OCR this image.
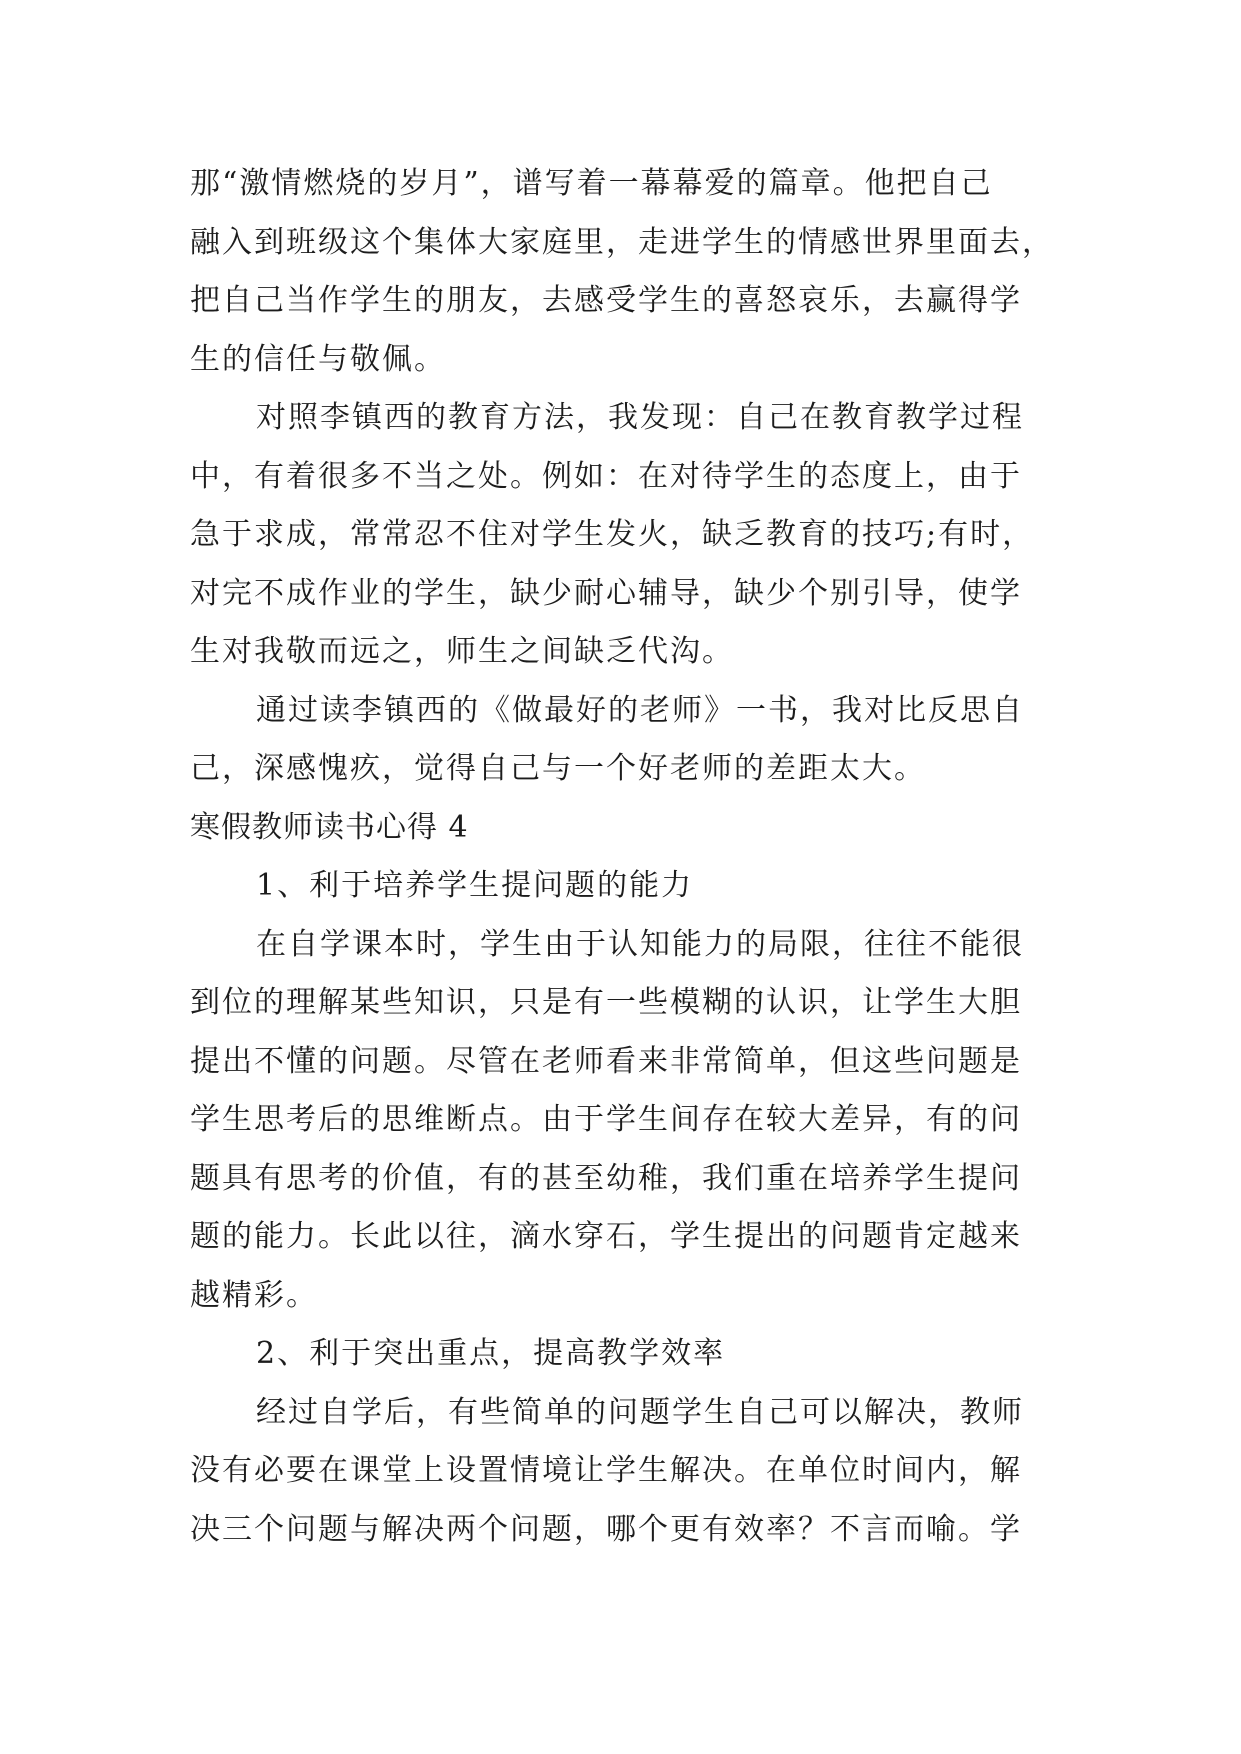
那“激情燃烧的岁月”，谱写着一幕幕爱的篇章。他把自己
融入到班级这个集体大家庭里，走进学生的情感世界里面去，
把自己当作学生的朋友，去感受学生的喜怒哀乐，去赢得学
生的信任与敬佩。
对照李镇西的教育方法，我发现：自己在教育教学过程
中，有着很多不当之处。例如：在对待学生的态度上，由于
急于求成，常常忍不住对学生发火，缺乏教育的技巧;有时，
对完不成作业的学生，缺少耐心辅导，缺少个别引导，使学
生对我敬而远之，师生之间缺乏代沟。
通过读李镇西的《做最好的老师》一书，我对比反思自
己，深感愧疚，觉得自己与一个好老师的差距太大。
寒假教师读书心得 4
1、利于培养学生提问题的能力
在自学课本时，学生由于认知能力的局限，往往不能很
到位的理解某些知识，只是有一些模糊的认识，让学生大胆
提出不懂的问题。尽管在老师看来非常简单，但这些问题是
学生思考后的思维断点。由于学生间存在较大差异，有的问
题具有思考的价值，有的甚至幼稚，我们重在培养学生提问
题的能力。长此以往，滴水穿石，学生提出的问题肯定越来
越精彩。
2、利于突出重点，提高教学效率
经过自学后，有些简单的问题学生自己可以解决，教师
没有必要在课堂上设置情境让学生解决。在单位时间内，解
决三个问题与解决两个问题，哪个更有效率？不言而喻。学
